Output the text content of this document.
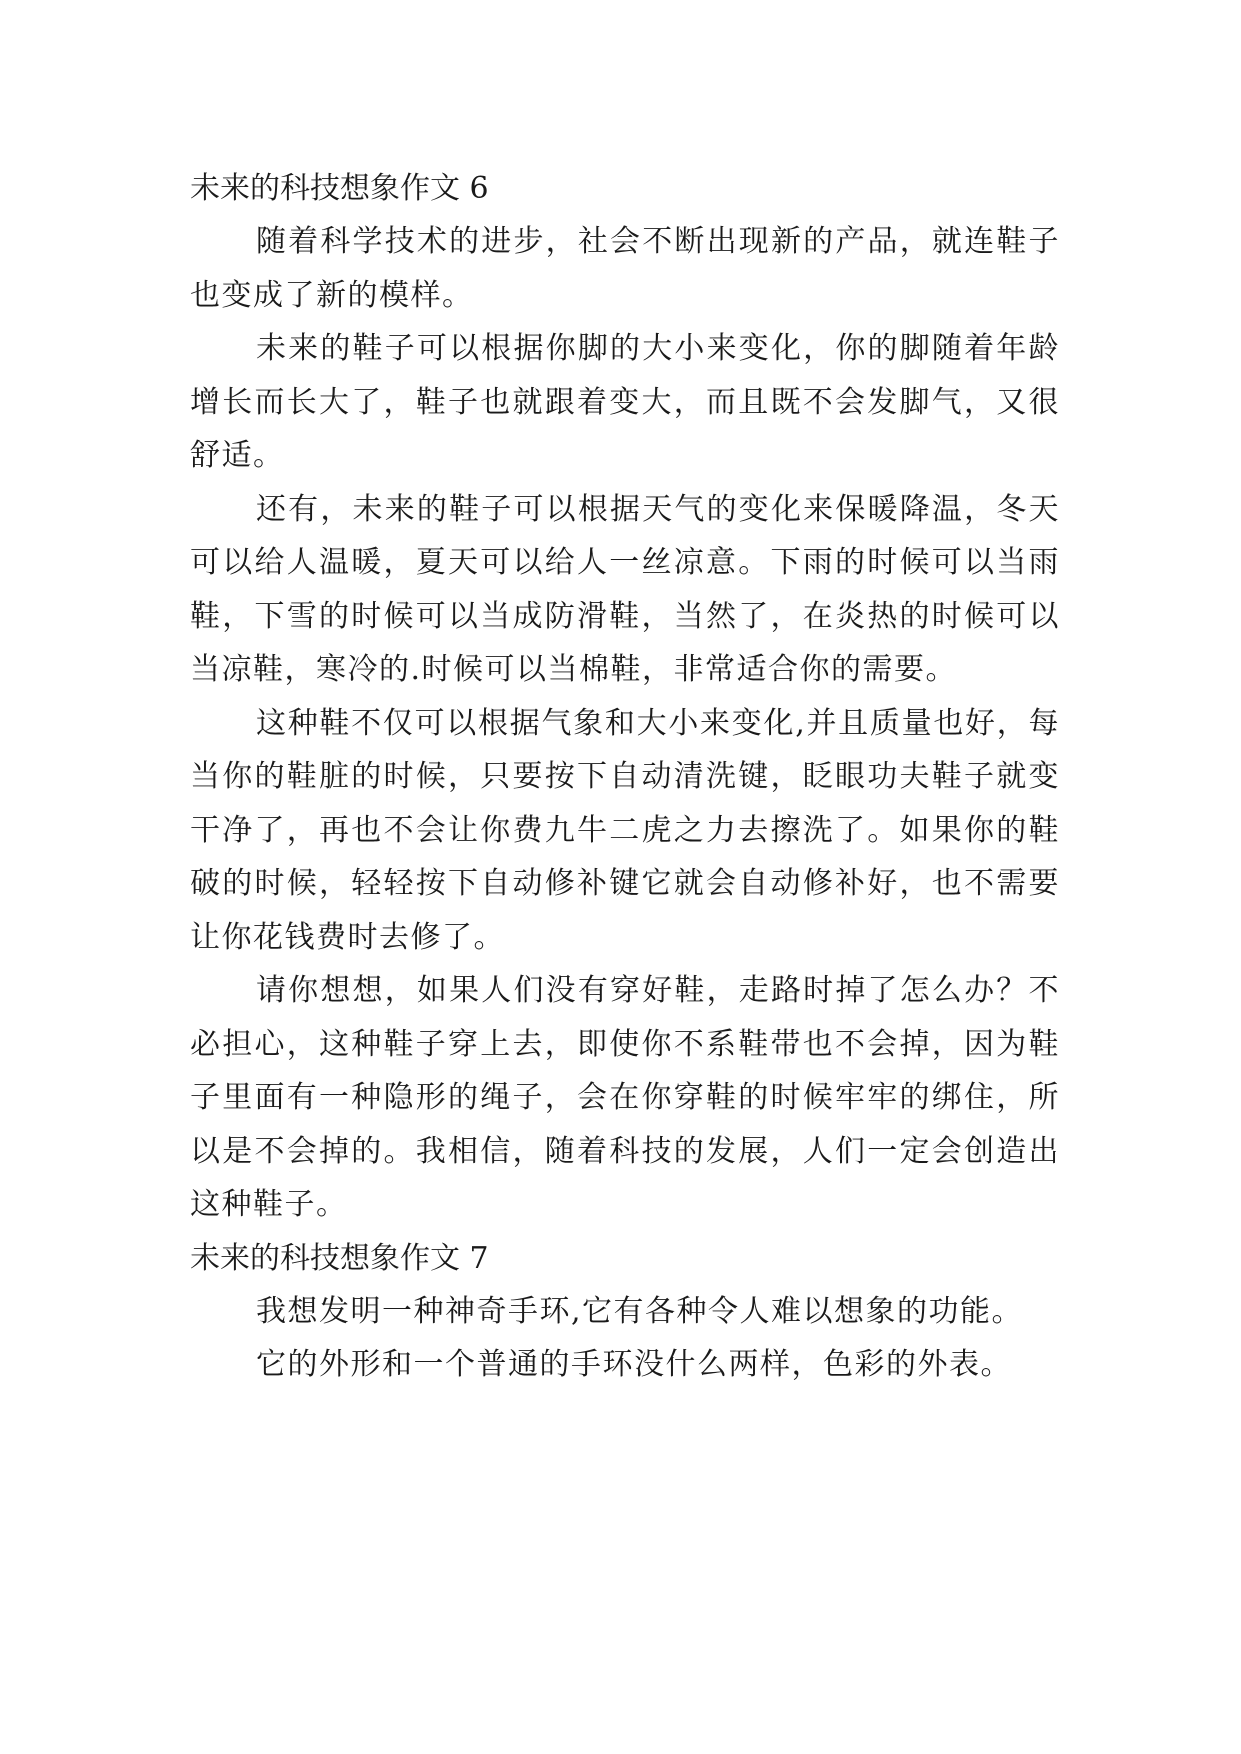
未来的科技想象作文 6

随着科学技术的进步，社会不断出现新的产品，就连鞋子也变成了新的模样。

未来的鞋子可以根据你脚的大小来变化，你的脚随着年龄增长而长大了，鞋子也就跟着变大，而且既不会发脚气，又很舒适。

还有，未来的鞋子可以根据天气的变化来保暖降温，冬天可以给人温暖，夏天可以给人一丝凉意。下雨的时候可以当雨鞋，下雪的时候可以当成防滑鞋，当然了，在炎热的时候可以当凉鞋，寒冷的.时候可以当棉鞋，非常适合你的需要。

这种鞋不仅可以根据气象和大小来变化,并且质量也好，每当你的鞋脏的时候，只要按下自动清洗键，眨眼功夫鞋子就变干净了，再也不会让你费九牛二虎之力去擦洗了。如果你的鞋破的时候，轻轻按下自动修补键它就会自动修补好，也不需要让你花钱费时去修了。

请你想想，如果人们没有穿好鞋，走路时掉了怎么办？不必担心，这种鞋子穿上去，即使你不系鞋带也不会掉，因为鞋子里面有一种隐形的绳子，会在你穿鞋的时候牢牢的绑住，所以是不会掉的。我相信，随着科技的发展，人们一定会创造出这种鞋子。

未来的科技想象作文 7

我想发明一种神奇手环,它有各种令人难以想象的功能。

它的外形和一个普通的手环没什么两样，色彩的外表。
